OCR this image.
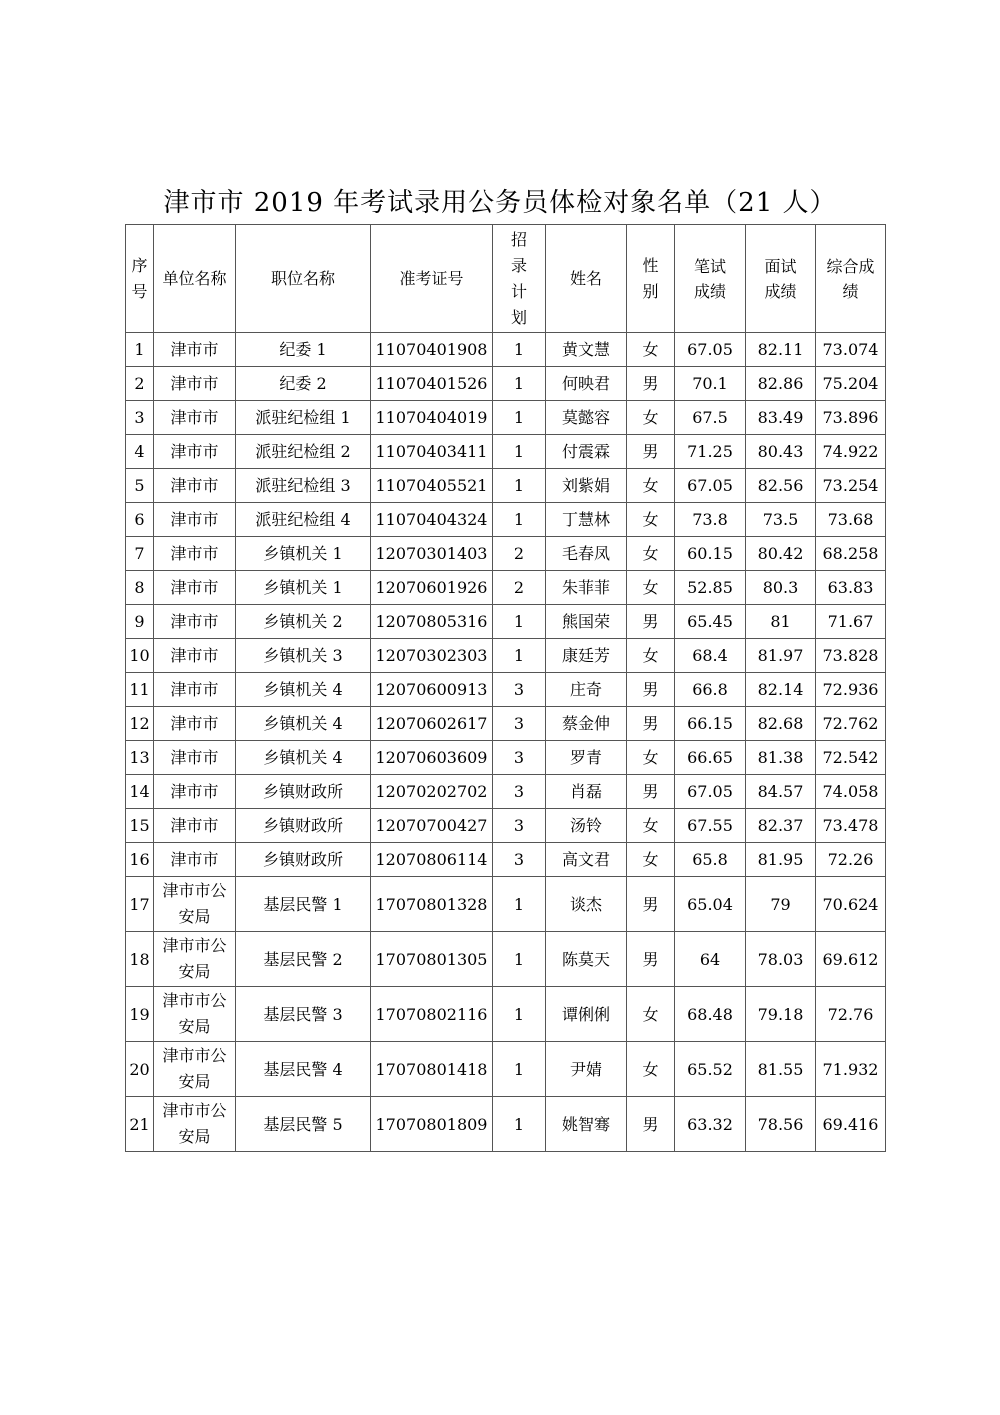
津市市 2019 年考试录用公务员体检对象名单（21 人）
序号	单位名称	职位名称	准考证号	招录计划	姓名	性别	笔试成绩	面试成绩	综合成绩
1	津市市	纪委 1	11070401908	1	黄文慧	女	67.05	82.11	73.074
2	津市市	纪委 2	11070401526	1	何映君	男	70.1	82.86	75.204
3	津市市	派驻纪检组 1	11070404019	1	莫懿容	女	67.5	83.49	73.896
4	津市市	派驻纪检组 2	11070403411	1	付震霖	男	71.25	80.43	74.922
5	津市市	派驻纪检组 3	11070405521	1	刘紫娟	女	67.05	82.56	73.254
6	津市市	派驻纪检组 4	11070404324	1	丁慧林	女	73.8	73.5	73.68
7	津市市	乡镇机关 1	12070301403	2	毛春凤	女	60.15	80.42	68.258
8	津市市	乡镇机关 1	12070601926	2	朱菲菲	女	52.85	80.3	63.83
9	津市市	乡镇机关 2	12070805316	1	熊国荣	男	65.45	81	71.67
10	津市市	乡镇机关 3	12070302303	1	康廷芳	女	68.4	81.97	73.828
11	津市市	乡镇机关 4	12070600913	3	庄奇	男	66.8	82.14	72.936
12	津市市	乡镇机关 4	12070602617	3	蔡金伸	男	66.15	82.68	72.762
13	津市市	乡镇机关 4	12070603609	3	罗青	女	66.65	81.38	72.542
14	津市市	乡镇财政所	12070202702	3	肖磊	男	67.05	84.57	74.058
15	津市市	乡镇财政所	12070700427	3	汤铃	女	67.55	82.37	73.478
16	津市市	乡镇财政所	12070806114	3	高文君	女	65.8	81.95	72.26
17	津市市公安局	基层民警 1	17070801328	1	谈杰	男	65.04	79	70.624
18	津市市公安局	基层民警 2	17070801305	1	陈莫天	男	64	78.03	69.612
19	津市市公安局	基层民警 3	17070802116	1	谭俐俐	女	68.48	79.18	72.76
20	津市市公安局	基层民警 4	17070801418	1	尹婧	女	65.52	81.55	71.932
21	津市市公安局	基层民警 5	17070801809	1	姚智骞	男	63.32	78.56	69.416
